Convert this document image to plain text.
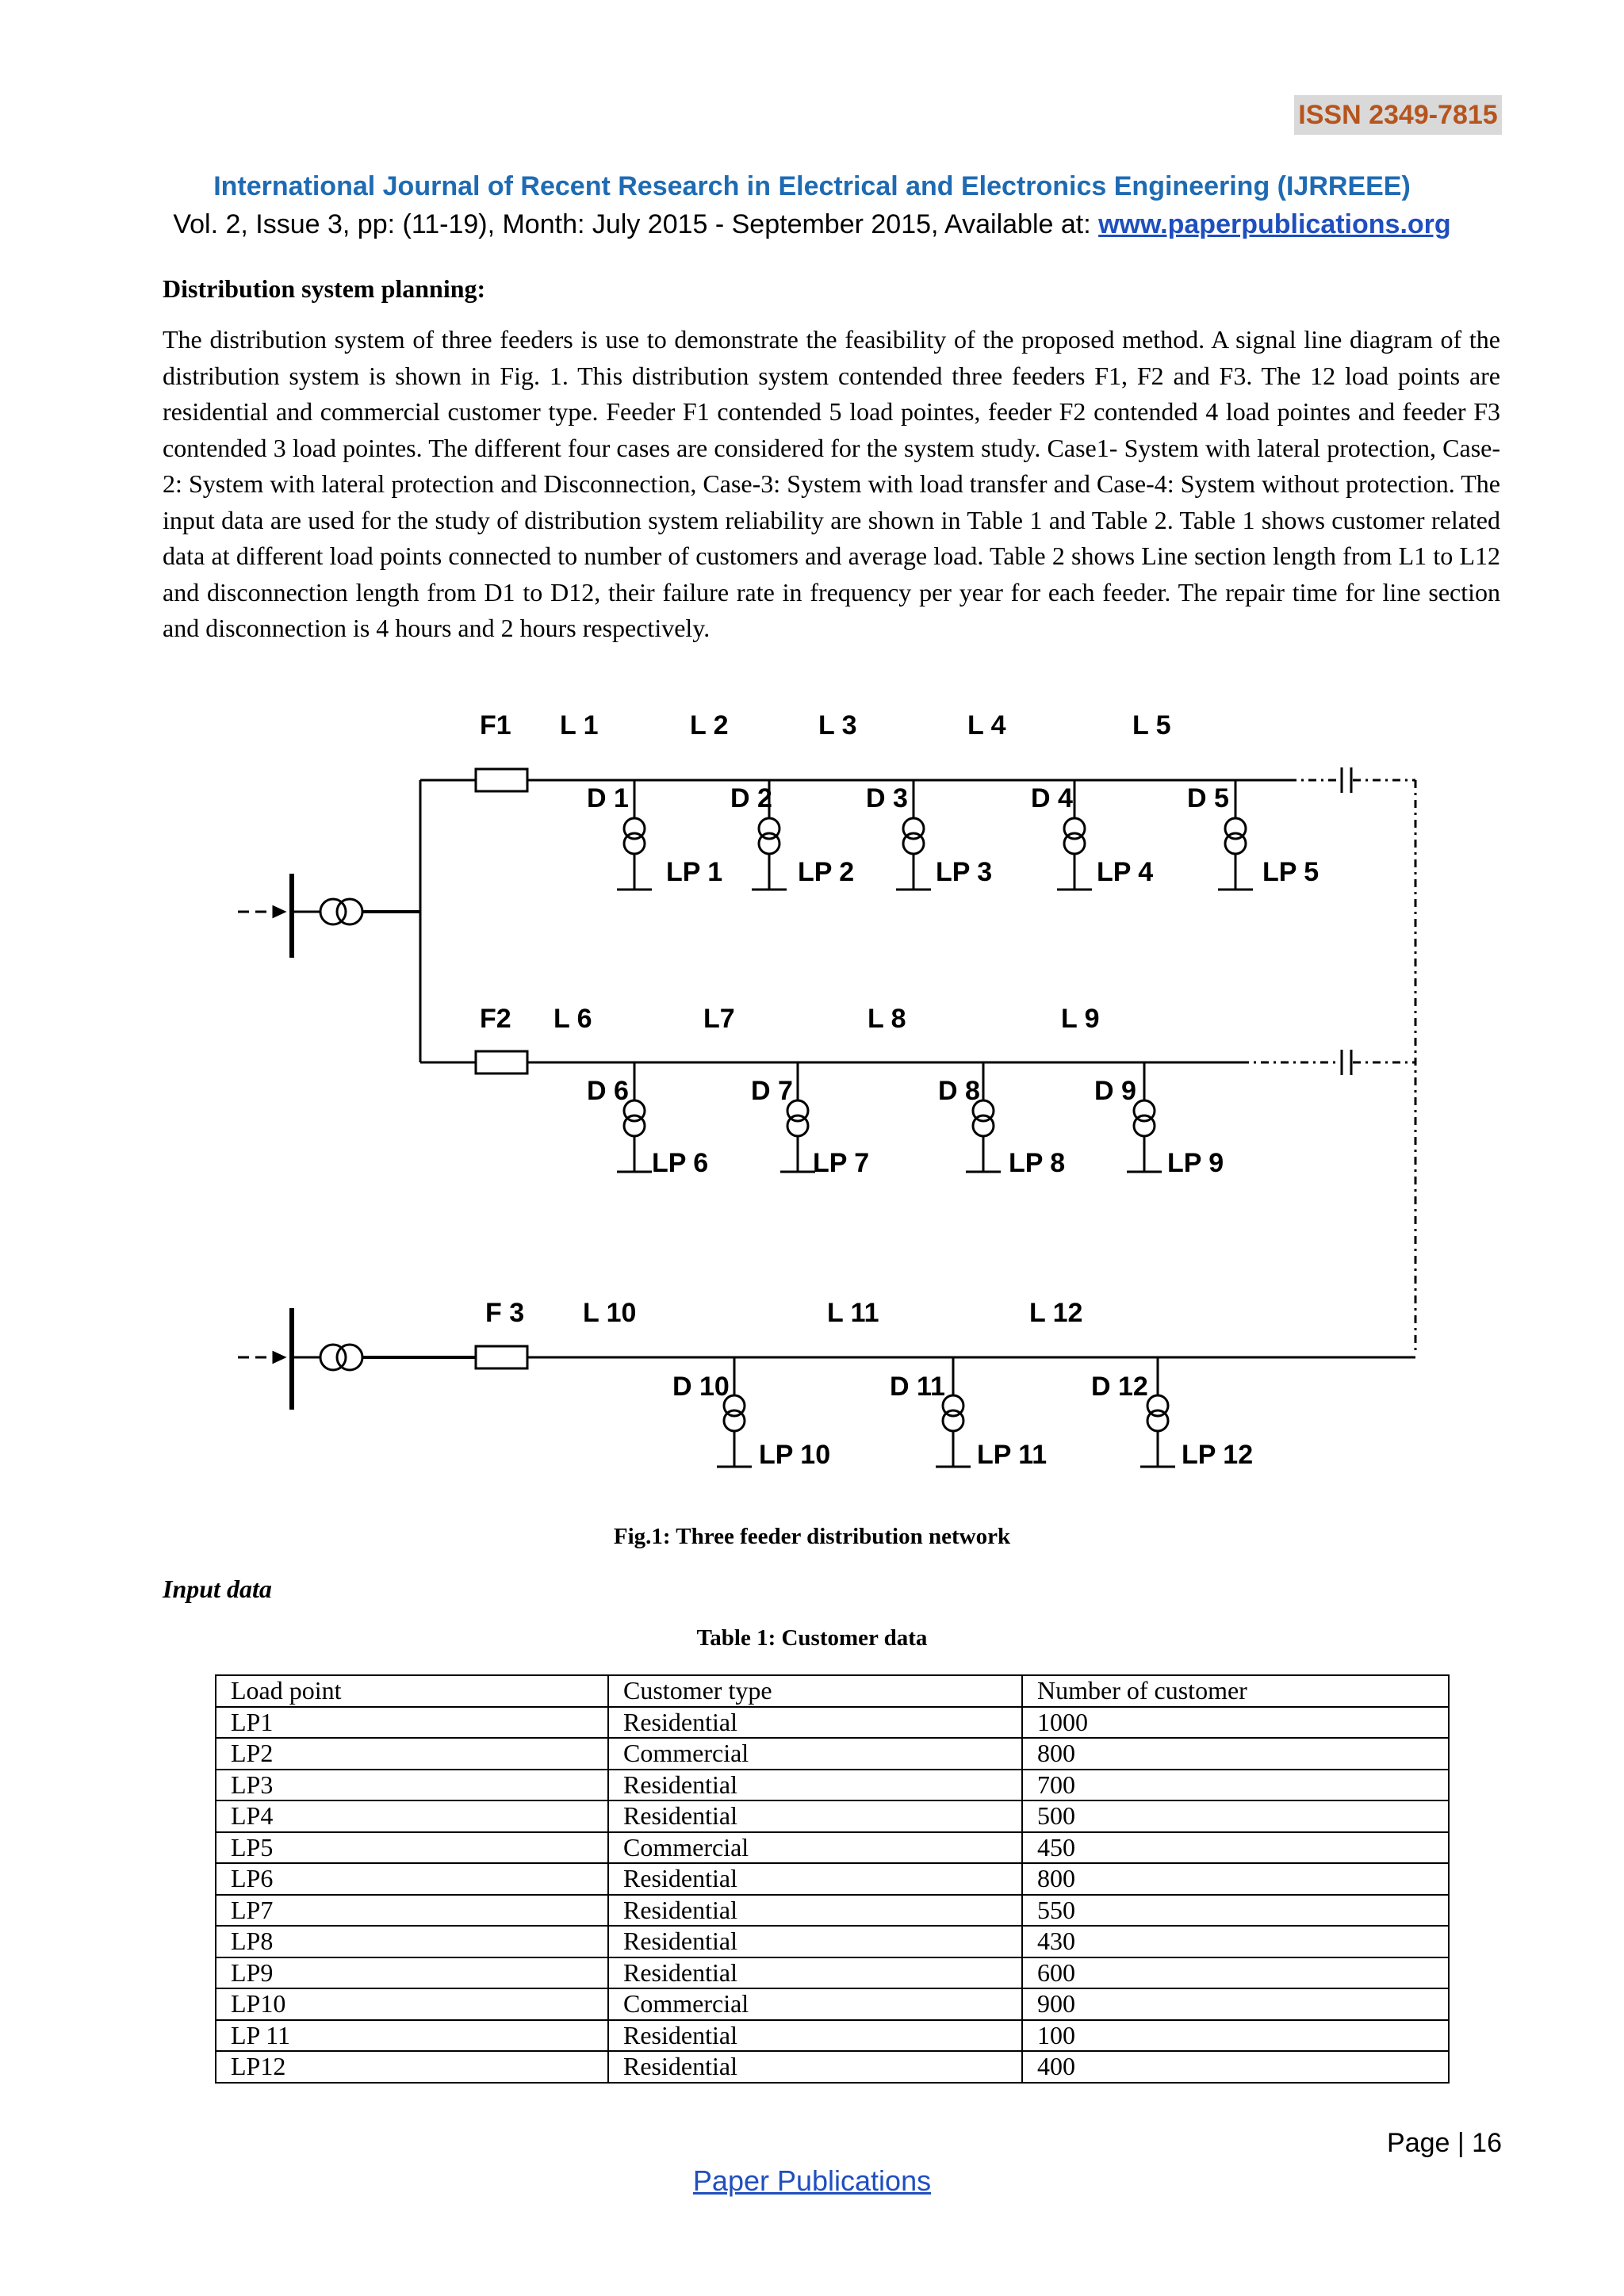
ISSN 2349-7815
International Journal of Recent Research in Electrical and Electronics Engineering (IJRREEE)
Vol. 2, Issue 3, pp: (11-19), Month: July 2015 - September 2015, Available at: www.paperpublications.org
Distribution system planning:

The distribution system of three feeders is use to demonstrate the feasibility of the proposed method. A signal line diagram of the distribution system is shown in Fig. 1. This distribution system contended three feeders F1, F2 and F3. The 12 load points are residential and commercial customer type. Feeder F1 contended 5 load pointes, feeder F2 contended 4 load pointes and feeder F3 contended 3 load pointes. The different four cases are considered for the system study. Case1- System with lateral protection, Case- 2: System with lateral protection and Disconnection, Case-3: System with load transfer and Case-4: System without protection. The input data are used for the study of distribution system reliability are shown in Table 1 and Table 2. Table 1 shows customer related data at different load points connected to number of customers and average load. Table 2 shows Line section length from L1 to L12 and disconnection length from D1 to D12, their failure rate in frequency per year for each feeder. The repair time for line section and disconnection is 4 hours and 2 hours respectively.

F1
F2
F 3
L 1	L 2	L 3	L 4	L 5
L 6	L7	L 8	L 9
L 10	L 11	L 12
D 1	D 2	D 3	D 4	D 5
D 6	D 7	D 8	D 9
D 10	D 11	D 12
LP 1	LP 2	LP 3	LP 4	LP 5
LP 6	LP 7	LP 8	LP 9
LP 10	LP 11	LP 12
Fig.1: Three feeder distribution network
Input data
Table 1: Customer data
Load point	Customer type	Number of customer
LP1	Residential	1000
LP2	Commercial	800
LP3	Residential	700
LP4	Residential	500
LP5	Commercial	450
LP6	Residential	800
LP7	Residential	550
LP8	Residential	430
LP9	Residential	600
LP10	Commercial	900
LP 11	Residential	100
LP12	Residential	400
Page | 16
Paper Publications
